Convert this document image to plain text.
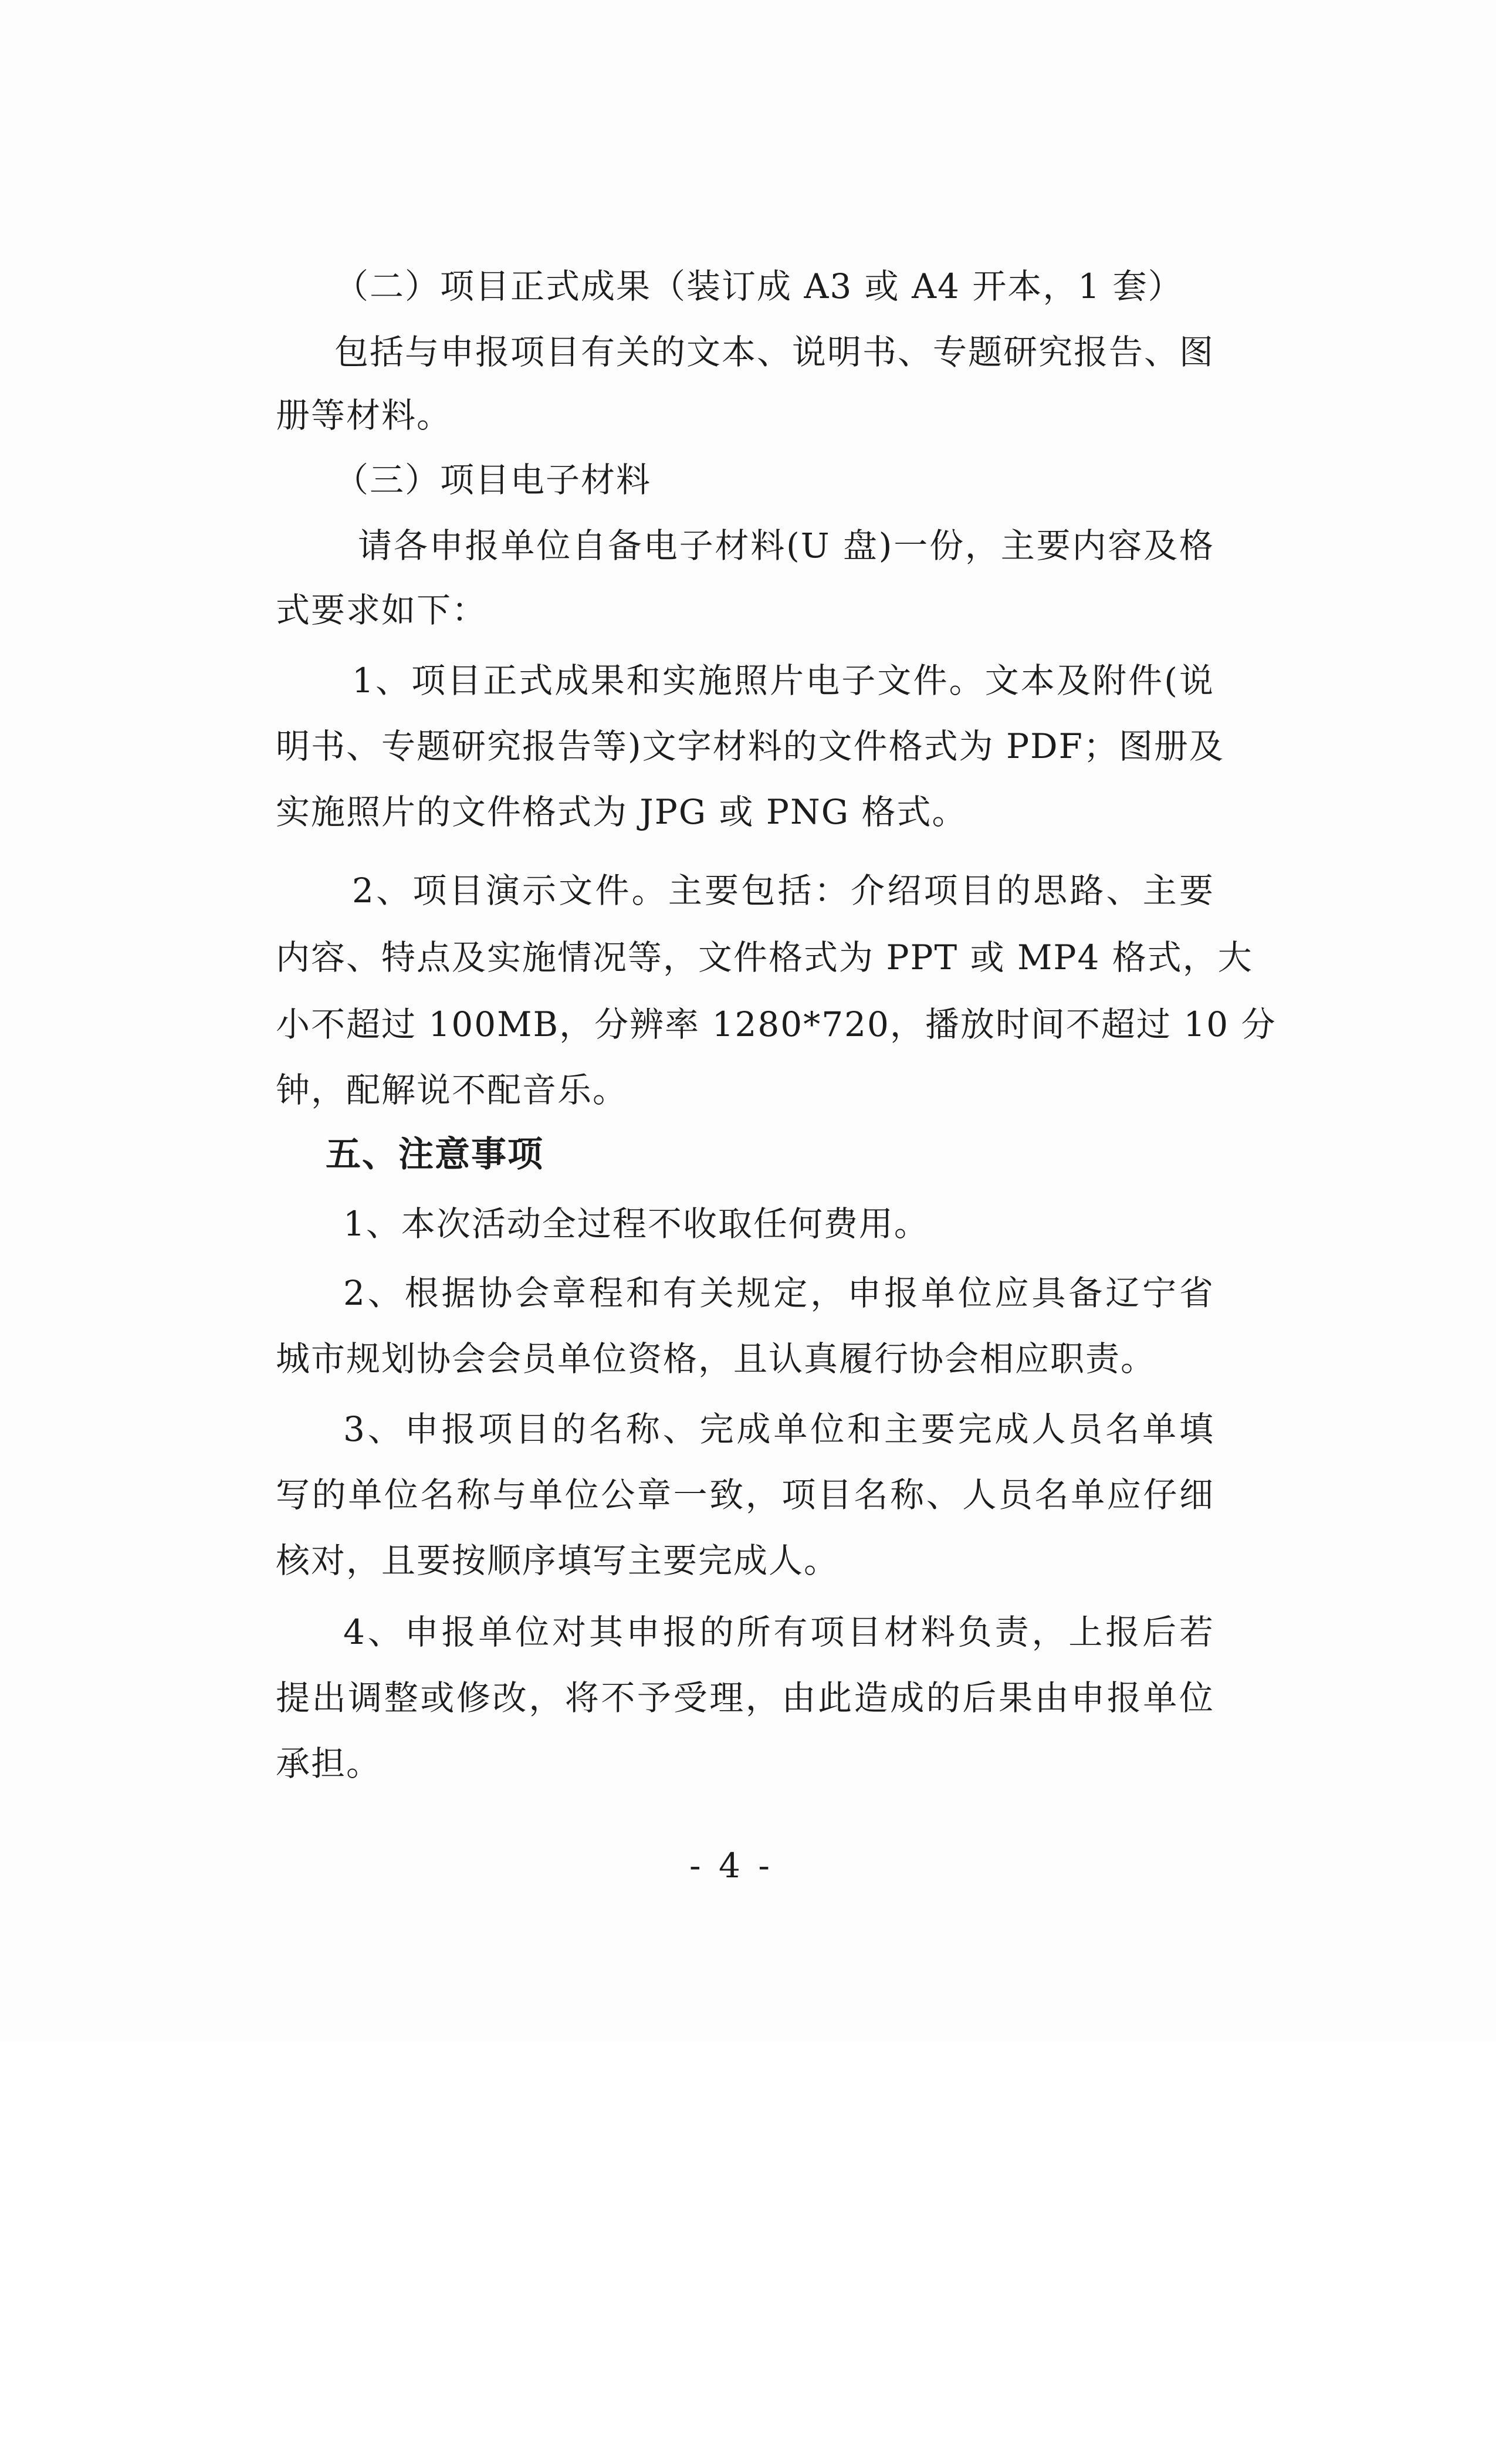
（二）项目正式成果（装订成 A3 或 A4 开本，1 套）
包括与申报项目有关的文本、说明书、专题研究报告、图
册等材料。
（三）项目电子材料
请各申报单位自备电子材料(U 盘)一份，主要内容及格
式要求如下：
1、项目正式成果和实施照片电子文件。文本及附件(说
明书、专题研究报告等)文字材料的文件格式为 PDF；图册及
实施照片的文件格式为 JPG 或 PNG 格式。
2、项目演示文件。主要包括：介绍项目的思路、主要
内容、特点及实施情况等，文件格式为 PPT 或 MP4 格式，大
小不超过 100MB，分辨率 1280*720，播放时间不超过 10 分
钟，配解说不配音乐。
五、注意事项
1、本次活动全过程不收取任何费用。
2、根据协会章程和有关规定，申报单位应具备辽宁省
城市规划协会会员单位资格，且认真履行协会相应职责。
3、申报项目的名称、完成单位和主要完成人员名单填
写的单位名称与单位公章一致，项目名称、人员名单应仔细
核对，且要按顺序填写主要完成人。
4、申报单位对其申报的所有项目材料负责，上报后若
提出调整或修改，将不予受理，由此造成的后果由申报单位
承担。
- 4 -
